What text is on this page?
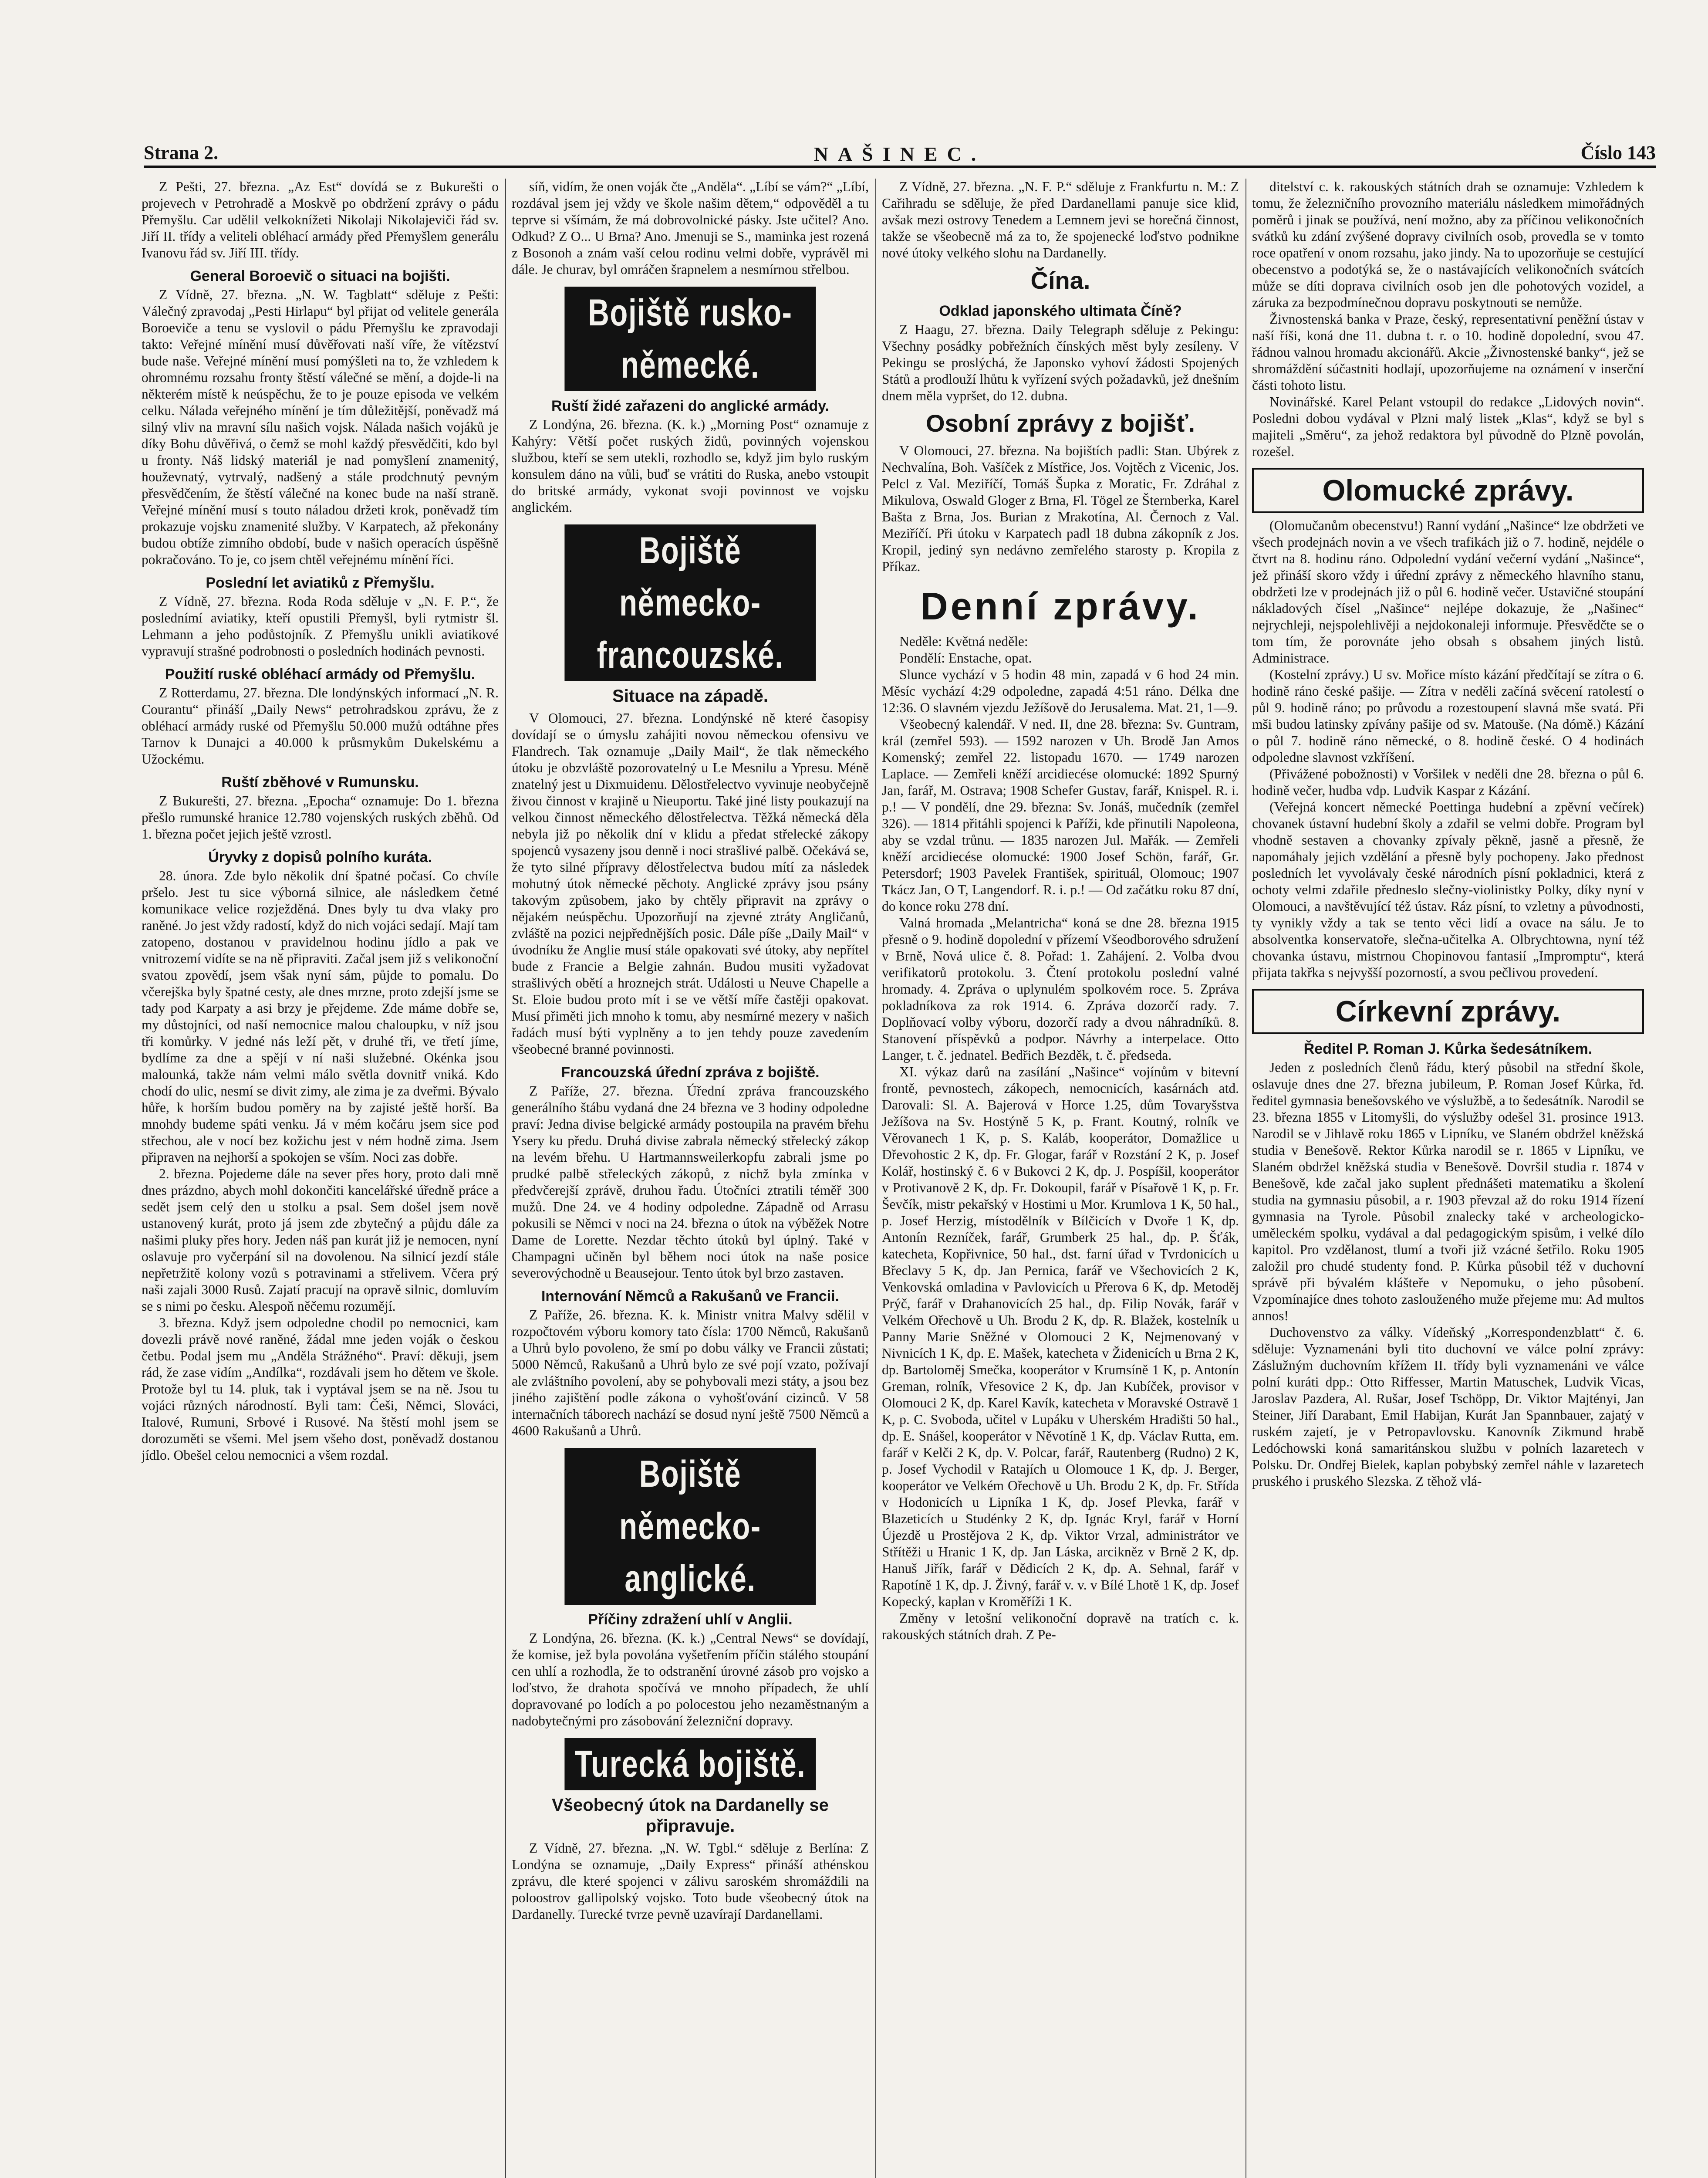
Strana 2.	NAŠINEC.	Číslo 143

Z Pešti, 27. března. „Az Est“ dovídá se z Bukurešti o projevech v Petrohradě a Moskvě po obdržení zprávy o pádu Přemyšlu. Car udělil velkoknížeti Nikolaji Nikolajeviči řád sv. Jiří II. třídy a veliteli obléhací armády před Přemyšlem generálu Ivanovu řád sv. Jiří III. třídy.

General Boroevič o situaci na bojišti.

Z Vídně, 27. března. „N. W. Tagblatt“ sděluje z Pešti: Válečný zpravodaj „Pesti Hirlapu“ byl přijat od velitele generála Boroeviče a tenu se vyslovil o pádu Přemyšlu ke zpravodaji takto: Veřejné mínění musí důvěřovati naší víře, že vítězství bude naše. Veřejné mínění musí pomýšleti na to, že vzhledem k ohromnému rozsahu fronty štěstí válečné se mění, a dojde-li na některém místě k neúspěchu, že to je pouze episoda ve velkém celku. Nálada veřejného mínění je tím důležitější, poněvadž má silný vliv na mravní sílu našich vojsk. Nálada našich vojáků je díky Bohu důvěřivá, o čemž se mohl každý přesvědčiti, kdo byl u fronty. Náš lidský materiál je nad pomyšlení znamenitý, houževnatý, vytrvalý, nadšený a stále prodchnutý pevným přesvědčením, že štěstí válečné na konec bude na naší straně. Veřejné mínění musí s touto náladou držeti krok, poněvadž tím prokazuje vojsku znamenité služby. V Karpatech, až překonány budou obtíže zimního období, bude v našich operacích úspěšně pokračováno. To je, co jsem chtěl veřejnému mínění říci.

Poslední let aviatiků z Přemyšlu.

Z Vídně, 27. března. Roda Roda sděluje v „N. F. P.“, že poslednímí aviatiky, kteří opustili Přemyšl, byli rytmistr šl. Lehmann a jeho podůstojník. Z Přemyšlu unikli aviatikové vypravují strašné podrobnosti o posledních hodinách pevnosti.

Použití ruské obléhací armády od Přemyšlu.

Z Rotterdamu, 27. března. Dle londýnských informací „N. R. Courantu“ přináší „Daily News“ petrohradskou zprávu, že z obléhací armády ruské od Přemyšlu 50.000 mužů odtáhne přes Tarnov k Dunajci a 40.000 k průsmykům Dukelskému a Užockému.

Ruští zběhové v Rumunsku.

Z Bukurešti, 27. března. „Epocha“ oznamuje: Do 1. března přešlo rumunské hranice 12.780 vojenských ruských zběhů. Od 1. března počet jejich ještě vzrostl.

Úryvky z dopisů polního kuráta.

28. února. Zde bylo několik dní špatné počasí. Co chvíle pršelo. Jest tu sice výborná silnice, ale následkem četné komunikace velice rozježděná. Dnes byly tu dva vlaky pro raněné. Jo jest vždy radostí, když do nich vojáci sedají. Mají tam zatopeno, dostanou v pravidelnou hodinu jídlo a pak ve vnitrozemí vidíte se na ně připraviti. Začal jsem již s velikonoční svatou zpovědí, jsem však nyní sám, půjde to pomalu. Do včerejška byly špatné cesty, ale dnes mrzne, proto zdejší jsme se tady pod Karpaty a asi brzy je přejdeme. Zde máme dobře se, my důstojníci, od naší nemocnice malou chaloupku, v níž jsou tři komůrky. V jedné nás leží pět, v druhé tři, ve třetí jíme, bydlíme za dne a spějí v ní naši služebné. Okénka jsou malounká, takže nám velmi málo světla dovnitř vniká. Kdo chodí do ulic, nesmí se divit zimy, ale zima je za dveřmi. Bývalo hůře, k horším budou poměry na by zajisté ještě horší. Ba mnohdy budeme spáti venku. Já v mém kočáru jsem sice pod střechou, ale v nocí bez kožichu jest v ném hodně zima. Jsem připraven na nejhorší a spokojen se vším. Noci zas dobře.

2. března. Pojedeme dále na sever přes hory, proto dali mně dnes prázdno, abych mohl dokončiti kancelářské úředně práce a sedět jsem celý den u stolku a psal. Sem došel jsem nově ustanovený kurát, proto já jsem zde zbytečný a půjdu dále za našimi pluky přes hory. Jeden náš pan kurát již je nemocen, nyní oslavuje pro vyčerpání sil na dovolenou. Na silnicí jezdí stále nepřetržitě kolony vozů s potravinami a střelivem. Včera prý naši zajali 3000 Rusů. Zajatí pracují na opravě silnic, domluvím se s nimi po česku. Alespoň něčemu rozumějí.

3. března. Když jsem odpoledne chodil po nemocnici, kam dovezli právě nové raněné, žádal mne jeden voják o českou četbu. Podal jsem mu „Anděla Strážného“. Praví: děkuji, jsem rád, že zase vidím „Andílka“, rozdávali jsem ho dětem ve škole. Protože byl tu 14. pluk, tak i vyptával jsem se na ně. Jsou tu vojáci různých národností. Byli tam: Češi, Němci, Slováci, Italové, Rumuni, Srbové i Rusové. Na štěstí mohl jsem se dorozuměti se všemi. Mel jsem všeho dost, poněvadž dostanou jídlo. Obešel celou nemocnici a všem rozdal.

síň, vidím, že onen voják čte „Anděla“. „Líbí se vám?“ „Líbí, rozdával jsem jej vždy ve škole našim dětem,“ odpověděl a tu teprve si všímám, že má dobrovolnické pásky. Jste učitel? Ano. Odkud? Z O... U Brna? Ano. Jmenuji se S., maminka jest rozená z Bosonoh a znám vaší celou rodinu velmi dobře, vyprávěl mi dále. Je churav, byl omráčen šrapnelem a nesmírnou střelbou.

Bojiště rusko-německé.
Ruští židé zařazeni do anglické armády.

Z Londýna, 26. března. (K. k.) „Morning Post“ oznamuje z Kahýry: Větší počet ruských židů, povinných vojenskou službou, kteří se sem utekli, rozhodlo se, když jim bylo ruským konsulem dáno na vůli, buď se vrátiti do Ruska, anebo vstoupit do britské armády, vykonat svoji povinnost ve vojsku anglickém.

Bojiště německo-francouzské.
Situace na západě.

V Olomouci, 27. března. Londýnské ně které časopisy dovídají se o úmyslu zahájiti novou německou ofensivu ve Flandrech. Tak oznamuje „Daily Mail“, že tlak německého útoku je obzvláště pozorovatelný u Le Mesnilu a Ypresu. Méně znatelný jest u Dixmuidenu. Dělostřelectvo vyvinuje neobyčejně živou činnost v krajině u Nieuportu. Také jiné listy poukazují na velkou činnost německého dělostřelectva. Těžká německá děla nebyla již po několik dní v klidu a předat střelecké zákopy spojenců vysazeny jsou denně i noci strašlivé palbě. Očekává se, že tyto silné přípravy dělostřelectva budou mítí za následek mohutný útok německé pěchoty. Anglické zprávy jsou psány takovým způsobem, jako by chtěly připravit na zprávy o nějakém neúspěchu. Upozorňují na zjevné ztráty Angličanů, zvláště na pozici nejpřednějších posic. Dále píše „Daily Mail“ v úvodníku že Anglie musí stále opakovati své útoky, aby nepřítel bude z Francie a Belgie zahnán. Budou musiti vyžadovat strašlivých obětí a hroznejch strát. Události u Neuve Chapelle a St. Eloie budou proto mít i se ve větší míře častěji opakovat. Musí přiměti jich mnoho k tomu, aby nesmírné mezery v našich řadách musí býti vyplněny a to jen tehdy pouze zavedením všeobecné branné povinnosti.

Francouzská úřední zpráva z bojiště.

Z Paříže, 27. března. Úřední zpráva francouzského generálního štábu vydaná dne 24 března ve 3 hodiny odpoledne praví: Jedna divise belgické armády postoupila na pravém břehu Ysery ku předu. Druhá divise zabrala německý střelecký zákop na levém břehu. U Hartmannsweilerkopfu zabrali jsme po prudké palbě střeleckých zákopů, z nichž byla zmínka v předvčerejší zprávě, druhou řadu. Útočníci ztratili téměř 300 mužů. Dne 24. ve 4 hodiny odpoledne. Západně od Arrasu pokusili se Němci v noci na 24. března o útok na výběžek Notre Dame de Lorette. Nezdar těchto útoků byl úplný. Také v Champagni učiněn byl během noci útok na naše posice severovýchodně u Beausejour. Tento útok byl brzo zastaven.

Internování Němců a Rakušanů ve Francii.

Z Paříže, 26. března. K. k. Ministr vnitra Malvy sdělil v rozpočtovém výboru komory tato čísla: 1700 Němců, Rakušanů a Uhrů bylo povoleno, že smí po dobu války ve Francii zůstati; 5000 Němců, Rakušanů a Uhrů bylo ze své pojí vzato, požívají ale zvláštního povolení, aby se pohybovali mezi státy, a jsou bez jiného zajištění podle zákona o vyhošťování cizinců. V 58 internačních táborech nachází se dosud nyní ještě 7500 Němců a 4600 Rakušanů a Uhrů.

Bojiště německo-anglické.
Příčiny zdražení uhlí v Anglii.

Z Londýna, 26. března. (K. k.) „Central News“ se dovídají, že komise, jež byla povolána vyšetřením příčin stálého stoupání cen uhlí a rozhodla, že to odstranění úrovné zásob pro vojsko a loďstvo, že drahota spočívá ve mnoho případech, že uhlí dopravované po lodích a po polocestou jeho nezaměstnaným a nadobytečnými pro zásobování železniční dopravy.

Turecká bojiště.
Všeobecný útok na Dardanelly se připravuje.

Z Vídně, 27. března. „N. W. Tgbl.“ sděluje z Berlína: Z Londýna se oznamuje, „Daily Express“ přináší athénskou zprávu, dle které spojenci v zálivu saroském shromáždili na poloostrov gallipolský vojsko. Toto bude všeobecný útok na Dardanelly. Turecké tvrze pevně uzavírají Dardanellami.

Z Vídně, 27. března. „N. F. P.“ sděluje z Frankfurtu n. M.: Z Cařihradu se sděluje, že před Dardanellami panuje sice klid, avšak mezi ostrovy Tenedem a Lemnem jevi se horečná činnost, takže se všeobecně má za to, že spojenecké loďstvo podnikne nové útoky velkého slohu na Dardanelly.

Čína.
Odklad japonského ultimata Číně?

Z Haagu, 27. března. Daily Telegraph sděluje z Pekingu: Všechny posádky pobřežních čínských měst byly zesíleny. V Pekingu se proslýchá, že Japonsko vyhoví žádosti Spojených Států a prodlouží lhůtu k vyřízení svých požadavků, jež dnešním dnem měla vypršet, do 12. dubna.

Osobní zprávy z bojišť.

V Olomouci, 27. března. Na bojištích padli: Stan. Ubýrek z Nechvalína, Boh. Vašíček z Místřice, Jos. Vojtěch z Vicenic, Jos. Pelcl z Val. Meziříčí, Tomáš Šupka z Moratic, Fr. Zdráhal z Mikulova, Oswald Gloger z Brna, Fl. Tögel ze Šternberka, Karel Bašta z Brna, Jos. Burian z Mrakotína, Al. Černoch z Val. Meziříčí. Při útoku v Karpatech padl 18 dubna zákopník z Jos. Kropil, jediný syn nedávno zemřelého starosty p. Kropila z Příkaz.

Denní zprávy.

Neděle: Květná neděle:

Pondělí: Enstache, opat.

Slunce vychází v 5 hodin 48 min, zapadá v 6 hod 24 min. Měsíc vychází 4:29 odpoledne, zapadá 4:51 ráno. Délka dne 12:36. O slavném vjezdu Ježíšově do Jerusalema. Mat. 21, 1—9.

Všeobecný kalendář. V ned. II, dne 28. března: Sv. Guntram, král (zemřel 593). — 1592 narozen v Uh. Brodě Jan Amos Komenský; zemřel 22. listopadu 1670. — 1749 narozen Laplace. — Zemřeli kněží arcidiecése olomucké: 1892 Spurný Jan, farář, M. Ostrava; 1908 Schefer Gustav, farář, Knispel. R. i. p.! — V pondělí, dne 29. března: Sv. Jonáš, mučedník (zemřel 326). — 1814 přitáhli spojenci k Paříži, kde přinutili Napoleona, aby se vzdal trůnu. — 1835 narozen Jul. Mařák. — Zemřeli kněží arcidiecése olomucké: 1900 Josef Schön, farář, Gr. Petersdorf; 1903 Pavelek František, spirituál, Olomouc; 1907 Tkácz Jan, O T, Langendorf. R. i. p.! — Od začátku roku 87 dní, do konce roku 278 dní.

Valná hromada „Melantricha“ koná se dne 28. března 1915 přesně o 9. hodině dopolední v přízemí Všeodborového sdružení v Brně, Nová ulice č. 8. Pořad: 1. Zahájení. 2. Volba dvou verifikatorů protokolu. 3. Čtení protokolu poslední valné hromady. 4. Zpráva o uplynulém spolkovém roce. 5. Zpráva pokladníkova za rok 1914. 6. Zpráva dozorčí rady. 7. Doplňovací volby výboru, dozorčí rady a dvou náhradníků. 8. Stanovení příspěvků a podpor. Návrhy a interpelace. Otto Langer, t. č. jednatel. Bedřich Bezděk, t. č. předseda.

XI. výkaz darů na zasílání „Našince“ vojínům v bitevní frontě, pevnostech, zákopech, nemocnicích, kasárnách atd. Darovali: Sl. A. Bajerová v Horce 1.25, dům Tovaryšstva Ježíšova na Sv. Hostýně 5 K, p. Frant. Koutný, rolník ve Věrovanech 1 K, p. S. Kaláb, kooperátor, Domažlice u Dřevohostic 2 K, dp. Fr. Glogar, farář v Rozstání 2 K, p. Josef Kolář, hostinský č. 6 v Bukovci 2 K, dp. J. Pospíšil, kooperátor v Protivanově 2 K, dp. Fr. Dokoupil, farář v Písařově 1 K, p. Fr. Ševčík, mistr pekařský v Hostimi u Mor. Krumlova 1 K, 50 hal., p. Josef Herzig, místodělník v Bílčicích v Dvoře 1 K, dp. Antonín Rezníček, farář, Grumberk 25 hal., dp. P. Šťák, katecheta, Kopřivnice, 50 hal., dst. farní úřad v Tvrdonicích u Břeclavy 5 K, dp. Jan Pernica, farář ve Všechovicích 2 K, Venkovská omladina v Pavlovicích u Přerova 6 K, dp. Metoděj Prýč, farář v Drahanovicích 25 hal., dp. Filip Novák, farář v Velkém Ořechově u Uh. Brodu 2 K, dp. R. Blažek, kostelník u Panny Marie Sněžné v Olomouci 2 K, Nejmenovaný v Nivnicích 1 K, dp. E. Mašek, katecheta v Židenicích u Brna 2 K, dp. Bartoloměj Smečka, kooperátor v Krumsíně 1 K, p. Antonín Greman, rolník, Vřesovice 2 K, dp. Jan Kubíček, provisor v Olomouci 2 K, dp. Karel Kavík, katecheta v Moravské Ostravě 1 K, p. C. Svoboda, učitel v Lupáku v Uherském Hradišti 50 hal., dp. E. Snášel, kooperátor v Něvotíně 1 K, dp. Václav Rutta, em. farář v Kelči 2 K, dp. V. Polcar, farář, Rautenberg (Rudno) 2 K, p. Josef Vychodil v Ratajích u Olomouce 1 K, dp. J. Berger, kooperátor ve Velkém Ořechově u Uh. Brodu 2 K, dp. Fr. Střída v Hodonicích u Lipníka 1 K, dp. Josef Plevka, farář v Blazeticích u Studénky 2 K, dp. Ignác Kryl, farář v Horní Újezdě u Prostějova 2 K, dp. Viktor Vrzal, administrátor ve Střítěži u Hranic 1 K, dp. Jan Láska, arcikněz v Brně 2 K, dp. Hanuš Jiřík, farář v Dědicích 2 K, dp. A. Sehnal, farář v Rapotíně 1 K, dp. J. Živný, farář v. v. v Bílé Lhotě 1 K, dp. Josef Kopecký, kaplan v Kroměříži 1 K.

Změny v letošní velikonoční dopravě na tratích c. k. rakouských státních drah. Z Pe-

ditelství c. k. rakouských státních drah se oznamuje: Vzhledem k tomu, že železničního provozního materiálu následkem mimořádných poměrů i jinak se používá, není možno, aby za příčinou velikonočních svátků ku zdání zvýšené dopravy civilních osob, provedla se v tomto roce opatření v onom rozsahu, jako jindy. Na to upozorňuje se cestující obecenstvo a podotýká se, že o nastávajících velikonočních svátcích může se díti doprava civilních osob jen dle pohotových vozidel, a záruka za bezpodmínečnou dopravu poskytnouti se nemůže.

Živnostenská banka v Praze, český, representativní peněžní ústav v naší říši, koná dne 11. dubna t. r. o 10. hodině dopolední, svou 47. řádnou valnou hromadu akcionářů. Akcie „Živnostenské banky“, jež se shromáždění súčastniti hodlají, upozorňujeme na oznámení v inserční části tohoto listu.

Novinářské. Karel Pelant vstoupil do redakce „Lidových novin“. Posledni dobou vydával v Plzni malý listek „Klas“, když se byl s majiteli „Směru“, za jehož redaktora byl původně do Plzně povolán, rozešel.

Olomucké zprávy.

(Olomučanům obecenstvu!) Ranní vydání „Našince“ lze obdržeti ve všech prodejnách novin a ve všech trafikách již o 7. hodině, nejdéle o čtvrt na 8. hodinu ráno. Odpolední vydání večerní vydání „Našince“, jež přináší skoro vždy i úřední zprávy z německého hlavního stanu, obdržeti lze v prodejnách již o půl 6. hodině večer. Ustavičné stoupání nákladových čísel „Našince“ nejlépe dokazuje, že „Našinec“ nejrychleji, nejspolehlivěji a nejdokonaleji informuje. Přesvědčte se o tom tím, že porovnáte jeho obsah s obsahem jiných listů. Administrace.

(Kostelní zprávy.) U sv. Mořice místo kázání předčítají se zítra o 6. hodině ráno české pašije. — Zítra v neděli začíná svěcení ratolestí o půl 9. hodině ráno; po průvodu a rozestoupení slavná mše svatá. Při mši budou latinsky zpívány pašije od sv. Matouše. (Na dómě.) Kázání o půl 7. hodině ráno německé, o 8. hodině české. O 4 hodinách odpoledne slavnost vzkříšení.

(Přivážené pobožnosti) v Voršilek v neděli dne 28. března o půl 6. hodině večer, hudba vdp. Ludvik Kaspar z Kázání.

(Veřejná koncert německé Poettinga hudební a zpěvní večírek) chovanek ústavní hudební školy a zdařil se velmi dobře. Program byl vhodně sestaven a chovanky zpívaly pěkně, jasně a přesně, že napomáhaly jejich vzdělání a přesně byly pochopeny. Jako přednost posledních let vyvolávaly české národních písní pokladnici, která z ochoty velmi zdařile předneslo slečny-violinistky Polky, díky nyní v Olomouci, a navštěvující též ústav. Ráz písní, to vzletny a původnosti, ty vynikly vždy a tak se tento věci lidí a ovace na sálu. Je to absolventka konservatoře, slečna-učitelka A. Olbrychtowna, nyní též chovanka ústavu, mistrnou Chopinovou fantasií „Impromptu“, která přijata takřka s nejvyšší pozorností, a svou pečlivou provedení.

Církevní zprávy.
Ředitel P. Roman J. Kůrka šedesátníkem.

Jeden z posledních členů řádu, který působil na střední škole, oslavuje dnes dne 27. března jubileum, P. Roman Josef Kůrka, řd. ředitel gymnasia benešovského ve výslužbě, a to šedesátník. Narodil se 23. března 1855 v Litomyšli, do výslužby odešel 31. prosince 1913. Narodil se v Jihlavě roku 1865 v Lipníku, ve Slaném obdržel kněžská studia v Benešově. Rektor Kůrka narodil se r. 1865 v Lipníku, ve Slaném obdržel kněžská studia v Benešově. Dovršil studia r. 1874 v Benešově, kde začal jako suplent přednášeti matematiku a školení studia na gymnasiu působil, a r. 1903 převzal až do roku 1914 řízení gymnasia na Tyrole. Působil znalecky také v archeologicko-uměleckém spolku, vydával a dal pedagogickým spisům, i velké dílo kapitol. Pro vzdělanost, tlumí a tvoři již vzácné šetřilo. Roku 1905 založil pro chudé studenty fond. P. Kůrka působil též v duchovní správě při bývalém klášteře v Nepomuku, o jeho působení. Vzpomínajíce dnes tohoto zaslouženého muže přejeme mu: Ad multos annos!

Duchovenstvo za války. Vídeňský „Korrespondenzblatt“ č. 6. sděluje: Vyznamenáni byli tito duchovní ve válce polní zprávy: Záslužným duchovním křížem II. třídy byli vyznamenáni ve válce polní kuráti dpp.: Otto Riffesser, Martin Matuschek, Ludvik Vicas, Jaroslav Pazdera, Al. Rušar, Josef Tschöpp, Dr. Viktor Majtényi, Jan Steiner, Jiří Darabant, Emil Habijan, Kurát Jan Spannbauer, zajatý v ruském zajetí, je v Petropavlovsku. Kanovník Zikmund hrabě Ledóchowski koná samaritánskou službu v polních lazaretech v Polsku. Dr. Ondřej Bielek, kaplan pobybský zemřel náhle v lazaretech pruského i pruského Slezska. Z těhož vlá-
